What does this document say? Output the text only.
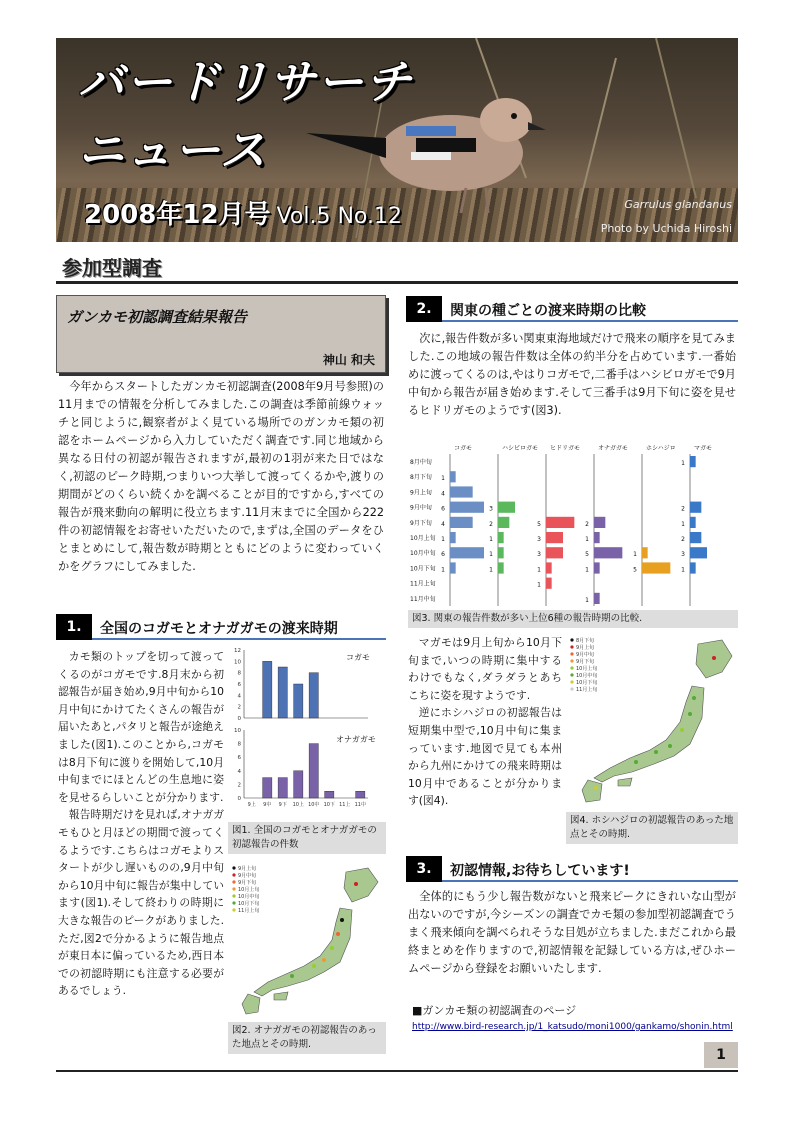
バードリサーチ
ニュース
2008年12月号 Vol.5 No.12	Garrulus glandanus
Photo by Uchida Hiroshi
参加型調査
ガンカモ初認調査結果報告
神山 和夫
今年からスタートしたガンカモ初認調査(2008年9月号参照)の11月までの情報を分析してみました.この調査は季節前線ウォッチと同じように,観察者がよく見ている場所でのガンカモ類の初認をホームページから入力していただく調査です.同じ地域から異なる日付の初認が報告されますが,最初の1羽が来た日ではなく,初認のピーク時期,つまりいつ大挙して渡ってくるかや,渡りの期間がどのくらい続くかを調べることが目的ですから,すべての報告が飛来動向の解明に役立ちます.11月末までに全国から222件の初認情報をお寄せいただいたので,まずは,全国のデータをひとまとめにして,報告数が時期とともにどのように変わっていくかをグラフにしてみました.
1.	全国のコガモとオナガガモの渡来時期
カモ類のトップを切って渡ってくるのがコガモです.8月末から初認報告が届き始め,9月中旬から10月中旬にかけてたくさんの報告が届いたあと,パタリと報告が途絶えました(図1).このことから,コガモは8月下旬に渡りを開始して,10月中旬までにほとんどの生息地に姿を見せるらしいことが分かります.
報告時期だけを見れば,オナガガモもひと月ほどの期間で渡ってくるようです.こちらはコガモよりスタートが少し遅いものの,9月中旬から10月中旬に報告が集中しています(図1).そして終わりの時期に大きな報告のピークがありました.ただ,図2で分かるように報告地点が東日本に偏っているため,西日本での初認時期にも注意する必要があるでしょう.
0
2
4
6
8
10
12
0
2
4
6
8
10
9上 9中 9下 10上 10中 10下 11上 11中
コガモ
オナガガモ
図1. 全国のコガモとオナガガモの初認報告の件数
9月上旬
9月中旬
9月下旬
10月上旬
10月中旬
10月下旬
11月上旬
図2. オナガガモの初認報告のあった地点とその時期.
2.	関東の種ごとの渡来時期の比較
次に,報告件数が多い関東東海地域だけで飛来の順序を見てみました.この地域の報告件数は全体の約半分を占めています.一番始めに渡ってくるのは,やはりコガモで,二番手はハシビロガモで9月中旬から報告が届き始めます.そして三番手は9月下旬に姿を見せるヒドリガモのようです(図3).
8月中旬
8月下旬
9月上旬
9月中旬
9月下旬
10月上旬
10月中旬
10月下旬
11月上旬
11月中旬
コガモ
1
4
6
4
1
6
1
ハシビロガモ
3
2
1
1
1
ヒドリガモ
5
3
3
1
1
オナガガモ
2
1
5
1
1
ホシハジロ
1
5
マガモ
1
2
1
2
3
1
図3. 関東の報告件数が多い上位6種の報告時期の比較.
マガモは9月上旬から10月下旬まで,いつの時期に集中するわけでもなく,ダラダラとあちこちに姿を現すようです.
逆にホシハジロの初認報告は短期集中型で,10月中旬に集まっています.地図で見ても本州から九州にかけての飛来時期は10月中であることが分かります(図4).
8月下旬
9月上旬
9月中旬
9月下旬
10月上旬
10月中旬
10月下旬
11月上旬
図4. ホシハジロの初認報告のあった地点とその時期.
3.	初認情報,お待ちしています!
全体的にもう少し報告数がないと飛来ピークにきれいな山型が出ないのですが,今シーズンの調査でカモ類の参加型初認調査でうまく飛来傾向を調べられそうな目処が立ちました.まだこれから最終まとめを作りますので,初認情報を記録している方は,ぜひホームページから登録をお願いいたします.
■ガンカモ類の初認調査のページ
http://www.bird-research.jp/1_katsudo/moni1000/gankamo/shonin.html
1
